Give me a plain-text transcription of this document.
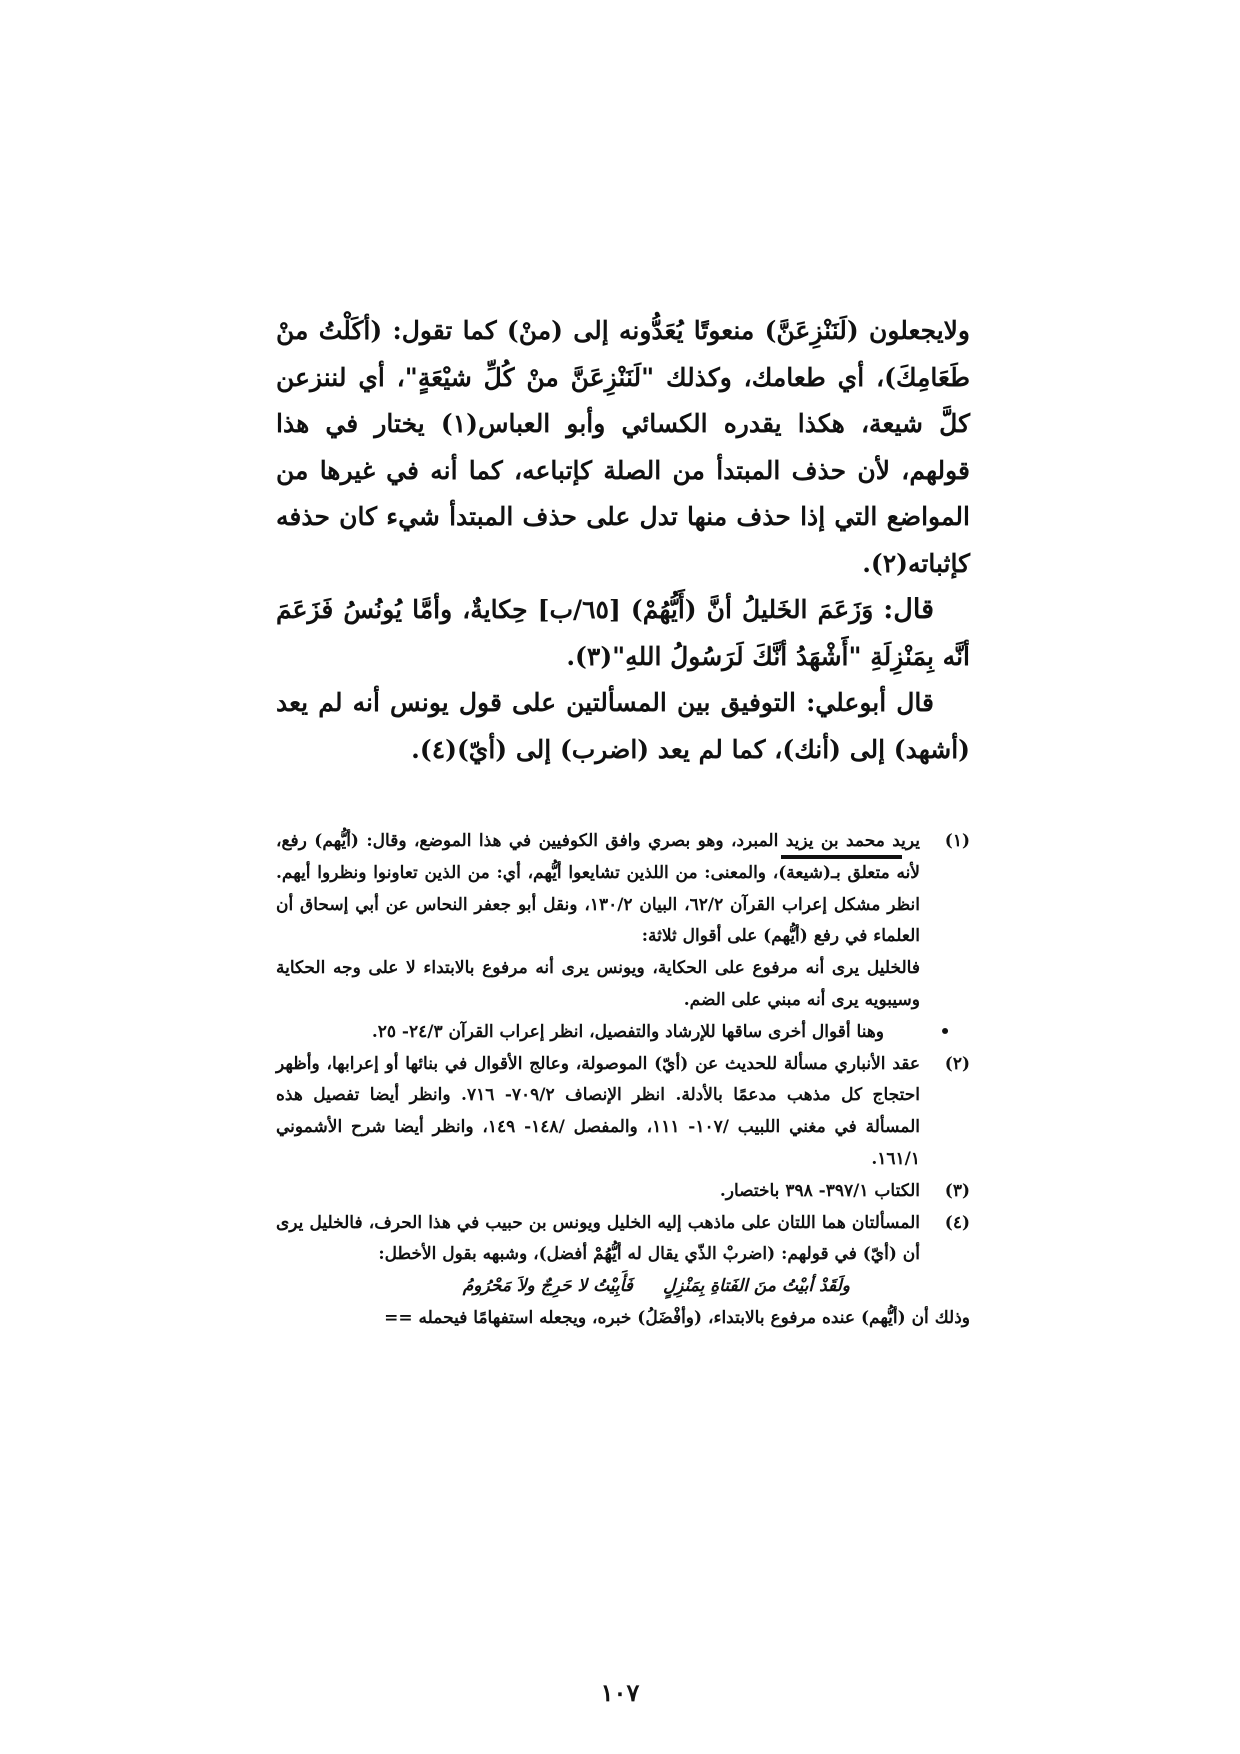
ولايجعلون (لَنَنْزِعَنَّ) منعوتًا يُعَدُّونه إلى (منْ) كما تقول: (أكَلْتُ منْ طَعَامِكَ)، أي طعامك، وكذلك "لَنَنْزِعَنَّ منْ كُلِّ شيْعَةٍ"، أي لننزعن كلَّ شيعة، هكذا يقدره الكسائي وأبو العباس(١) يختار في هذا قولهم، لأن حذف المبتدأ من الصلة كإتباعه، كما أنه في غيرها من المواضع التي إذا حذف منها تدل على حذف المبتدأ شيء كان حذفه كإثباته(٢).

قال:وَزَعَمَ الخَليلُ أنَّ (أَيُّهُمْ) [٦٥/ب] حِكايةٌ، وأمَّا يُونُسُ فَزَعَمَ أنَّه بِمَنْزِلَةِ "أَشْهَدُ أنَّكَ لَرَسُولُ اللهِ"(٣).

قال أبوعلي: التوفيق بين المسألتين على قول يونس أنه لم يعد (أشهد) إلى (أنك)، كما لم يعد (اضرب) إلى (أيّ)(٤).

(١)

يريد محمد بن يزيد المبرد، وهو بصري وافق الكوفيين في هذا الموضع، وقال: (أيُّهم) رفع، لأنه متعلق بـ(شيعة)، والمعنى: من اللذين تشايعوا أيُّهم، أي: من الذين تعاونوا ونظروا أيهم. انظر مشكل إعراب القرآن ٦٢/٢، البيان ١٣٠/٢، ونقل أبو جعفر النحاس عن أبي إسحاق أن العلماء في رفع (أيُّهم) على أقوال ثلاثة:

فالخليل يرى أنه مرفوع على الحكاية، ويونس يرى أنه مرفوع بالابتداء لا على وجه الحكاية وسيبويه يرى أنه مبني على الضم.

•
وهنا أقوال أخرى ساقها للإرشاد والتفصيل، انظر إعراب القرآن ٢٤/٣- ٢٥.
(٢)
عقد الأنباري مسألة للحديث عن (أيّ) الموصولة، وعالج الأقوال في بنائها أو إعرابها، وأظهر احتجاج كل مذهب مدعمًا بالأدلة. انظر الإنصاف ٧٠٩/٢- ٧١٦. وانظر أيضا تفصيل هذه المسألة في مغني اللبيب /١٠٧- ١١١، والمفصل /١٤٨- ١٤٩، وانظر أيضا شرح الأشموني ١٦١/١.
(٣)
الكتاب ٣٩٧/١- ٣٩٨ باختصار.
(٤)

المسألتان هما اللتان على ماذهب إليه الخليل ويونس بن حبيب في هذا الحرف، فالخليل يرى أن (أيّ) في قولهم: (اضربْ الذّي يقال له أيُّهُمْ أفضل)، وشبهه بقول الأخطل:

ولَقَدْ أبيْتُ منَ الفَتاةِ بِمَنْزِلٍفَأَبِيْتُ لا حَرِجٌ ولاَ مَحْرُومُ

وذلك أن (أيُّهم) عنده مرفوع بالابتداء، (وأفْضَلُ) خبره، ويجعله استفهامًا فيحمله ==
١٠٧
